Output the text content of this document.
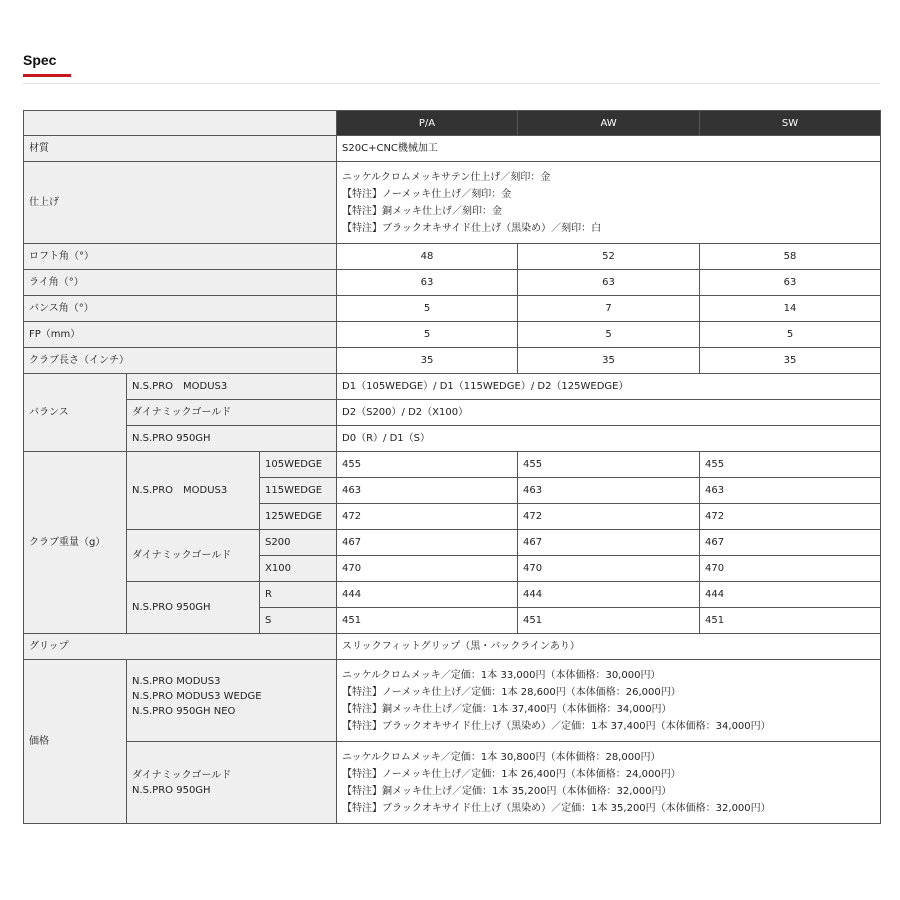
Spec
			P/A	AW	SW
材質			S20C+CNC機械加工		
仕上げ			ニッケルクロムメッキサテン仕上げ／刻印：金
【特注】ノーメッキ仕上げ／刻印：金
【特注】銅メッキ仕上げ／刻印：金
【特注】ブラックオキサイド仕上げ（黒染め）／刻印：白		

ロフト角（°）			48	52	58
ライ角（°）			63	63	63
バンス角（°）			5	7	14
FP（mm）			5	5	5
クラブ長さ（インチ）			35	35	35
バランス	N.S.PRO　MODUS3		D1（105WEDGE）/ D1（115WEDGE）/ D2（125WEDGE）		
	ダイナミックゴールド		D2（S200）/ D2（X100）		
	N.S.PRO 950GH		D0（R）/ D1（S）		
クラブ重量（g）	N.S.PRO　MODUS3	105WEDGE	455	455	455
		115WEDGE	463	463	463
		125WEDGE	472	472	472
	ダイナミックゴールド	S200	467	467	467
		X100	470	470	470
	N.S.PRO 950GH	R	444	444	444
		S	451	451	451
グリップ			スリックフィットグリップ（黒・バックラインあり）		
価格	N.S.PRO MODUS3
N.S.PRO MODUS3 WEDGE
N.S.PRO 950GH NEO		ニッケルクロムメッキ／定価：1本 33,000円（本体価格：30,000円）
【特注】ノーメッキ仕上げ／定価：1本 28,600円（本体価格：26,000円）
【特注】銅メッキ仕上げ／定価：1本 37,400円（本体価格：34,000円）
【特注】ブラックオキサイド仕上げ（黒染め）／定価：1本 37,400円（本体価格：34,000円）		

	ダイナミックゴールド
N.S.PRO 950GH		ニッケルクロムメッキ／定価：1本 30,800円（本体価格：28,000円）
【特注】ノーメッキ仕上げ／定価：1本 26,400円（本体価格：24,000円）
【特注】銅メッキ仕上げ／定価：1本 35,200円（本体価格：32,000円）
【特注】ブラックオキサイド仕上げ（黒染め）／定価：1本 35,200円（本体価格：32,000円）		
